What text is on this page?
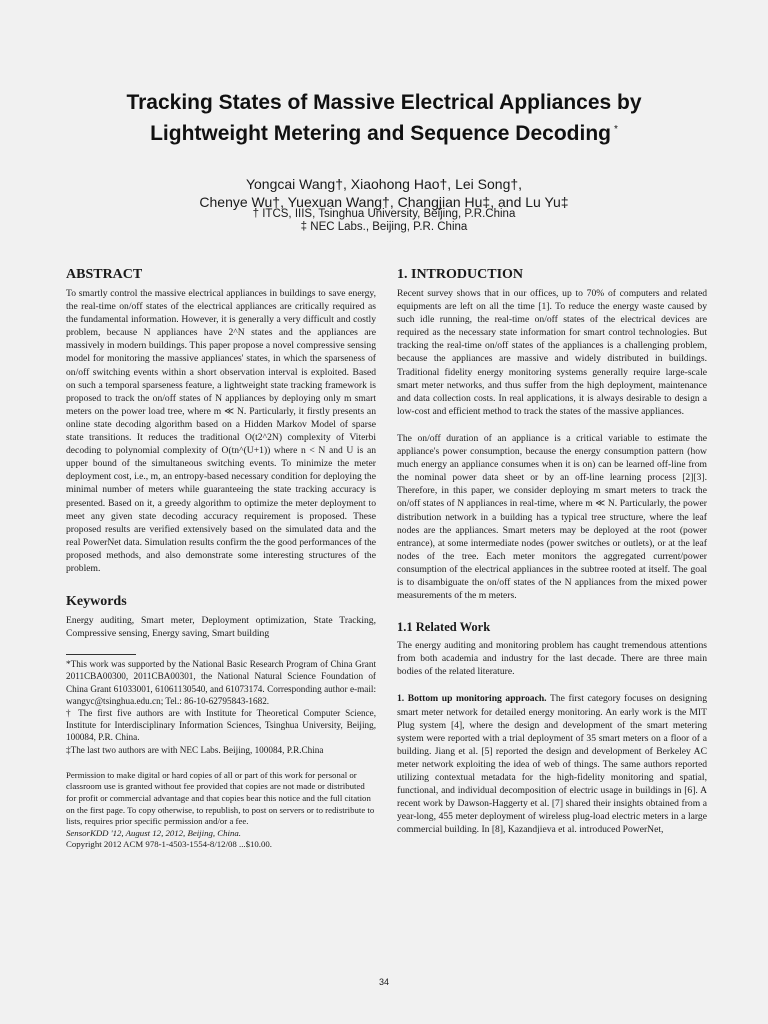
Tracking States of Massive Electrical Appliances by
Lightweight Metering and Sequence Decoding *
Yongcai Wang†, Xiaohong Hao†, Lei Song†,
Chenye Wu†, Yuexuan Wang†, Changjian Hu‡, and Lu Yu‡
† ITCS, IIIS, Tsinghua University, Beijing, P.R.China
‡ NEC Labs., Beijing, P.R. China
ABSTRACT

To smartly control the massive electrical appliances in buildings to save energy, the real-time on/off states of the electrical appliances are critically required as the fundamental information. However, it is generally a very difficult and costly problem, because N appliances have 2^N states and the appliances are massively in modern buildings. This paper propose a novel compressive sensing model for monitoring the massive appliances' states, in which the sparseness of on/off switching events within a short observation interval is exploited. Based on such a temporal sparseness feature, a lightweight state tracking framework is proposed to track the on/off states of N appliances by deploying only m smart meters on the power load tree, where m ≪ N. Particularly, it firstly presents an online state decoding algorithm based on a Hidden Markov Model of sparse state transitions. It reduces the traditional O(t2^2N) complexity of Viterbi decoding to polynomial complexity of O(tn^(U+1)) where n < N and U is an upper bound of the simultaneous switching events. To minimize the meter deployment cost, i.e., m, an entropy-based necessary condition for deploying the minimal number of meters while guaranteeing the state tracking accuracy is presented. Based on it, a greedy algorithm to optimize the meter deployment to meet any given state decoding accuracy requirement is proposed. These proposed results are verified extensively based on the simulated data and the real PowerNet data. Simulation results confirm the the good performances of the proposed methods, and also demonstrate some interesting structures of the problem.

Keywords

Energy auditing, Smart meter, Deployment optimization, State Tracking, Compressive sensing, Energy saving, Smart building

*This work was supported by the National Basic Research Program of China Grant 2011CBA00300, 2011CBA00301, the National Natural Science Foundation of China Grant 61033001, 61061130540, and 61073174. Corresponding author e-mail: wangyc@tsinghua.edu.cn; Tel.: 86-10-62795843-1682.

† The first five authors are with Institute for Theoretical Computer Science, Institute for Interdisciplinary Information Sciences, Tsinghua University, Beijing, 100084, P.R. China.

‡The last two authors are with NEC Labs. Beijing, 100084, P.R.China

Permission to make digital or hard copies of all or part of this work for personal or classroom use is granted without fee provided that copies are not made or distributed for profit or commercial advantage and that copies bear this notice and the full citation on the first page. To copy otherwise, to republish, to post on servers or to redistribute to lists, requires prior specific permission and/or a fee.

SensorKDD '12, August 12, 2012, Beijing, China.

Copyright 2012 ACM 978-1-4503-1554-8/12/08 ...$10.00.

1. INTRODUCTION

Recent survey shows that in our offices, up to 70% of computers and related equipments are left on all the time [1]. To reduce the energy waste caused by such idle running, the real-time on/off states of the electrical devices are required as the necessary state information for smart control technologies. But tracking the real-time on/off states of the appliances is a challenging problem, because the appliances are massive and widely distributed in buildings. Traditional fidelity energy monitoring systems generally require large-scale smart meter networks, and thus suffer from the high deployment, maintenance and data collection costs. In real applications, it is always desirable to design a low-cost and efficient method to track the states of the massive appliances.

The on/off duration of an appliance is a critical variable to estimate the appliance's power consumption, because the energy consumption pattern (how much energy an appliance consumes when it is on) can be learned off-line from the nominal power data sheet or by an off-line learning process [2][3]. Therefore, in this paper, we consider deploying m smart meters to track the on/off states of N appliances in real-time, where m ≪ N. Particularly, the power distribution network in a building has a typical tree structure, where the leaf nodes are the appliances. Smart meters may be deployed at the root (power entrance), at some intermediate nodes (power switches or outlets), or at the leaf nodes of the tree. Each meter monitors the aggregated current/power consumption of the electrical appliances in the subtree rooted at itself. The goal is to disambiguate the on/off states of the N appliances from the mixed power measurements of the m meters.

1.1 Related Work

The energy auditing and monitoring problem has caught tremendous attentions from both academia and industry for the last decade. There are three main bodies of the related literature.

1. Bottom up monitoring approach. The first category focuses on designing smart meter network for detailed energy monitoring. An early work is the MIT Plug system [4], where the design and development of the smart metering system were reported with a trial deployment of 35 smart meters on a floor of a building. Jiang et al. [5] reported the design and development of Berkeley AC meter network exploiting the idea of web of things. The same authors reported utilizing contextual metadata for the high-fidelity monitoring and spatial, functional, and individual decomposition of electric usage in buildings in [6]. A recent work by Dawson-Haggerty et al. [7] shared their insights obtained from a year-long, 455 meter deployment of wireless plug-load electric meters in a large commercial building. In [8], Kazandjieva et al. introduced PowerNet,

34
